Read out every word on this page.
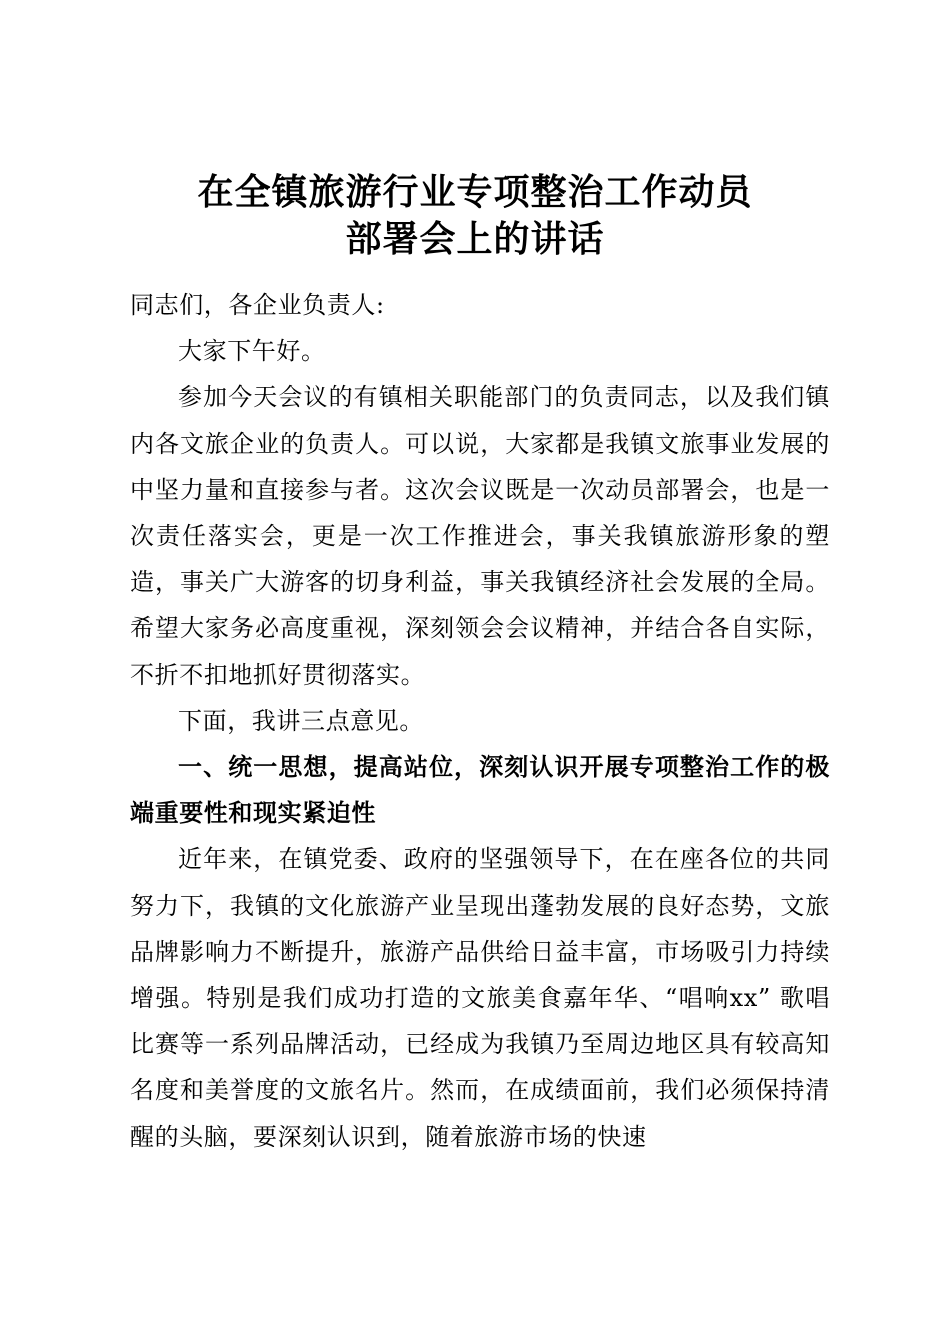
在全镇旅游行业专项整治工作动员
部署会上的讲话

同志们，各企业负责人:

大家下午好。

参加今天会议的有镇相关职能部门的负责同志，以及我们镇内各文旅企业的负责人。可以说，大家都是我镇文旅事业发展的中坚力量和直接参与者。这次会议既是一次动员部署会，也是一次责任落实会，更是一次工作推进会，事关我镇旅游形象的塑造，事关广大游客的切身利益，事关我镇经济社会发展的全局。希望大家务必高度重视，深刻领会会议精神，并结合各自实际，不折不扣地抓好贯彻落实。

下面，我讲三点意见。

一、统一思想，提高站位，深刻认识开展专项整治工作的极端重要性和现实紧迫性

近年来，在镇党委、政府的坚强领导下，在在座各位的共同努力下，我镇的文化旅游产业呈现出蓬勃发展的良好态势，文旅品牌影响力不断提升，旅游产品供给日益丰富，市场吸引力持续增强。特别是我们成功打造的文旅美食嘉年华、“唱响xx” 歌唱比赛等一系列品牌活动，已经成为我镇乃至周边地区具有较高知名度和美誉度的文旅名片。然而，在成绩面前，我们必须保持清醒的头脑，要深刻认识到，随着旅游市场的快速
